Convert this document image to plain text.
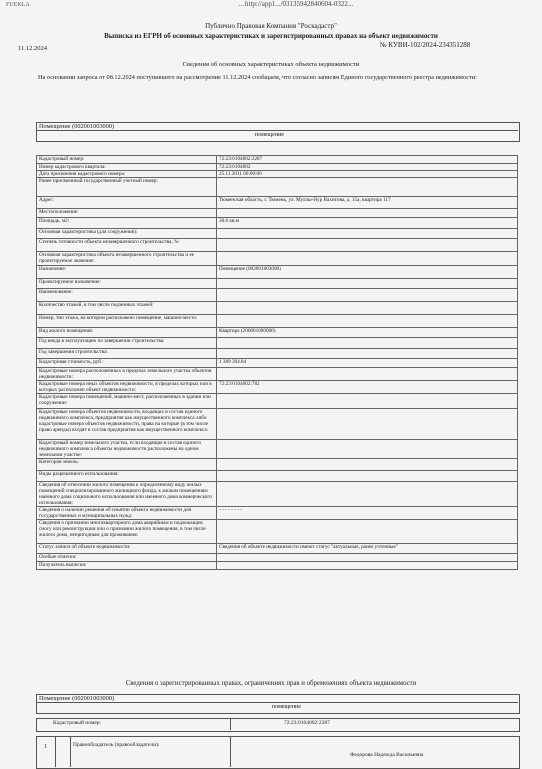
FUEKLA	…http://app1.../03135942840604-0322...
Публично Правовая Компания "Роскадастр"
Выписка из ЕГРН об основных характеристиках и зарегистрированных правах на объект недвижимости
11.12.2024	№ КУВИ-102/2024-234351288
Сведения об основных характеристиках объекта недвижимости
На основании запроса от 08.12.2024 поступившего на рассмотрение 11.12.2024 сообщаем, что согласно записям Единого государственного реестра недвижимости:
Помещение (002001003000)
помещение
Кадастровый номер:	72:23:0104002:2287
Номер кадастрового квартала:	72:23:0104002
Дата присвоения кадастрового номера:	25.11.2011 00:00:00
Ранее присвоенный государственный учетный номер:	
Адрес:	Тюменская область, г. Тюмень, ул. Муллы-Нур Вахитова, д. 15а, квартира 117
Местоположение:	
Площадь, м2:	30.6 кв.м
Основная характеристика (для сооружения):	
Степень готовности объекта незавершенного строительства, %:	
Основная характеристика объекта незавершенного строительства и ее проектируемое значение:	
Назначение:	Помещение (002001003000)
Проектируемое назначение:	
Наименование:	
Количество этажей, в том числе подземных этажей:	
Номер, тип этажа, на котором расположено помещение, машино-место:	
Вид жилого помещения:	Квартира (206001000000)
Год ввода в эксплуатацию по завершении строительства:	
Год завершения строительства:	
Кадастровая стоимость, руб.:	1 389 394.84
Кадастровые номера расположенных в пределах земельного участка объектов недвижимости:	
Кадастровые номера иных объектов недвижимости, в пределах которых или в которых расположен объект недвижимости:	72:23:0104002:782
Кадастровые номера помещений, машино-мест, расположенных в здании или сооружении:	
Кадастровые номера объектов недвижимости, входящих в состав единого недвижимого комплекса, предприятия как имущественного комплекса либо кадастровые номера объектов недвижимости, права на которые (в том числе право аренды) входят в состав предприятия как имущественного комплекса:	
Кадастровый номер земельного участка, если входящие в состав единого недвижимого комплекса объекты недвижимости расположены на одном земельном участке:	
Категория земель:	
Виды разрешенного использования:	
Сведения об отнесении жилого помещения к определенному виду жилых помещений специализированного жилищного фонда, к жилым помещениям наемного дома социального использования или наемного дома коммерческого использования:	
Сведения о наличии решения об изъятии объекта недвижимости для государственных и муниципальных нужд:	- - - - - - - -
Сведения о признании многоквартирного дома аварийным и подлежащим сносу или реконструкции или о признании жилого помещения, в том числе жилого дома, непригодным для проживания:	
Статус записи об объекте недвижимости:	Сведения об объекте недвижимости имеют статус "актуальные, ранее учтенные"
Особые отметки:	
Получатель выписки:	
Сведения о зарегистрированных правах, ограничениях прав и обременениях объекта недвижимости
Помещение (002001003000)
помещение
Кадастровый номер:	72:23:0104002:2287
1	Правообладатель (правообладатели):
Федорова Надежда Васильевна
